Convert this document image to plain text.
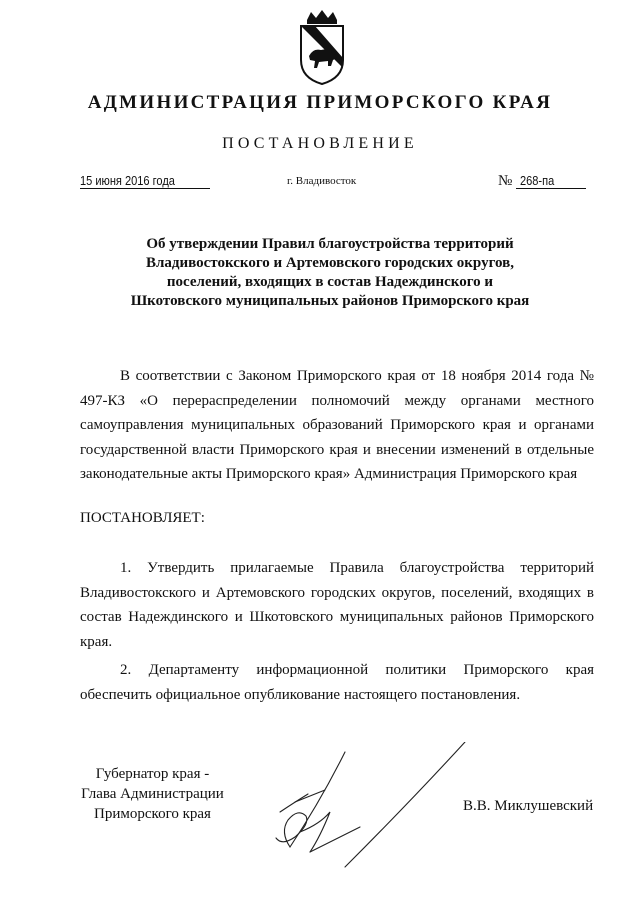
АДМИНИСТРАЦИЯ ПРИМОРСКОГО КРАЯ
ПОСТАНОВЛЕНИЕ
15 июня 2016 года	г. Владивосток	№ 268-па
Об утверждении Правил благоустройства территорий
Владивостокского и Артемовского городских округов,
поселений, входящих в состав Надеждинского и
Шкотовского муниципальных районов Приморского края
В соответствии с Законом Приморского края от 18 ноября 2014 года № 497-КЗ «О перераспределении полномочий между органами местного самоуправления муниципальных образований Приморского края и органами государственной власти Приморского края и внесении изменений в отдельные законодательные акты Приморского края» Администрация Приморского края
ПОСТАНОВЛЯЕТ:
1. Утвердить прилагаемые Правила благоустройства территорий Владивостокского и Артемовского городских округов, поселений, входящих в состав Надеждинского и Шкотовского муниципальных районов Приморского края.
2. Департаменту информационной политики Приморского края обеспечить официальное опубликование настоящего постановления.
Губернатор края -
Глава Администрации
Приморского края	В.В. Миклушевский
